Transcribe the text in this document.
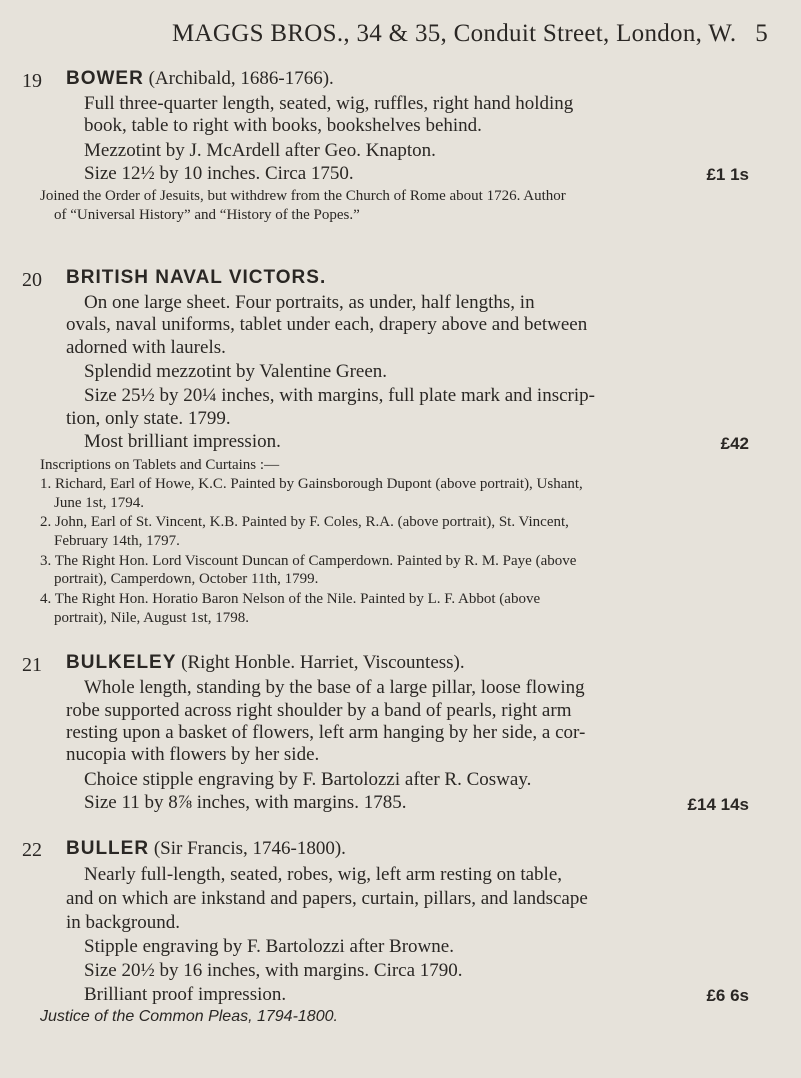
MAGGS BROS., 34 & 35, Conduit Street, London, W. 5
19 BOWER (Archibald, 1686-1766).
Full three-quarter length, seated, wig, ruffles, right hand holding
book, table to right with books, bookshelves behind.
Mezzotint by J. McArdell after Geo. Knapton.
Size 12½ by 10 inches. Circa 1750.	£1 1s
Joined the Order of Jesuits, but withdrew from the Church of Rome about 1726. Author
of “Universal History” and “History of the Popes.”
20 BRITISH NAVAL VICTORS.
On one large sheet. Four portraits, as under, half lengths, in
ovals, naval uniforms, tablet under each, drapery above and between
adorned with laurels.
Splendid mezzotint by Valentine Green.
Size 25½ by 20¼ inches, with margins, full plate mark and inscrip-
tion, only state. 1799.
Most brilliant impression.	£42
Inscriptions on Tablets and Curtains :—
1. Richard, Earl of Howe, K.C. Painted by Gainsborough Dupont (above portrait), Ushant,
June 1st, 1794.
2. John, Earl of St. Vincent, K.B. Painted by F. Coles, R.A. (above portrait), St. Vincent,
February 14th, 1797.
3. The Right Hon. Lord Viscount Duncan of Camperdown. Painted by R. M. Paye (above
portrait), Camperdown, October 11th, 1799.
4. The Right Hon. Horatio Baron Nelson of the Nile. Painted by L. F. Abbot (above
portrait), Nile, August 1st, 1798.
21 BULKELEY (Right Honble. Harriet, Viscountess).
Whole length, standing by the base of a large pillar, loose flowing
robe supported across right shoulder by a band of pearls, right arm
resting upon a basket of flowers, left arm hanging by her side, a cor-
nucopia with flowers by her side.
Choice stipple engraving by F. Bartolozzi after R. Cosway.
Size 11 by 8⅞ inches, with margins. 1785.	£14 14s
22 BULLER (Sir Francis, 1746-1800).
Nearly full-length, seated, robes, wig, left arm resting on table,
and on which are inkstand and papers, curtain, pillars, and landscape
in background.
Stipple engraving by F. Bartolozzi after Browne.
Size 20½ by 16 inches, with margins. Circa 1790.
Brilliant proof impression.	£6 6s
Justice of the Common Pleas, 1794-1800.
